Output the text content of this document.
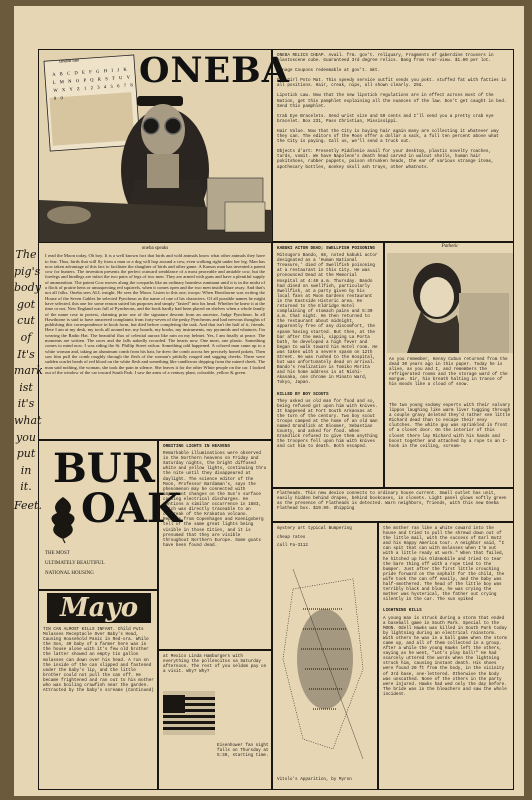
ONEBA
Oneba Sax
A B C D E F G H I J K L M N O P Q R S T U V W X Y Z 1 2 3 4 5 6 7 8 9 0
ONEBA RELICS CHEAP. Avail. frm. gov't. reliquary, Fragments of gaberdine trousers in plastoscene cube. Guaranteed 3rd degree relics. Bang from rear-view. $1.00 per lot.
Nonage Coupons redeemable at gov't. mkt.
Fat Girl Poto Mat. This speedy service outfit sends you pokt. stuffed fat with fatties in all positions. Hair, creak, nips, all shown clearly. 25¢.
Lipstick Law. Now that the new lipstick regulations are in effect across most of the Nation, get this pamphlet explaining all the nuances of the law. Don't get caught in bed. Send this pamphlet.
Crab Eye Bracelets. Send wrist size and 50 cents and I'll send you a pretty crab eye bracelet. Box 231, Pass Christian, Mississippi.
Hair Value. Now that the City is buying hair again many are collecting it whatever way they can. The editors of the Moon offer a dollar a sack, a full ten percent above what the City is paying. Call us, we'll send a truck out.
Objects d'art: Presently Piddlenie avail for your desktop, plastic novelty roaches, turds, vomit. We have Napoleon's death head carved in walnut shells, human hair pokitshoes, rubber puppets, poison shrunken heads, the ear of various strange items, apothecary bottles, monkey skull ash trays, other whatnots.
The
pig's
body
got
cut
of
It's
mark
ist
it's
what
you
put
in
it.
Feet.
oneba speaks
I read the Moon today, Oh boy. It is a well known fact that birds and wild animals know what other animals they have to fear. Thus, birds that will fly from a man or a dog will hop around a cow, even walking right under her leg. Man has now taken advantage of this fact to facilitate the slaughter of birds and other game. A Kansas man has invented a patent cow for hunters. The invention presents the perfect outward semblance of a most peaceable and amiable cow, but the forelegs and hindlegs are infact the two pairs of legs of two men. They are armed with guns and have a plentiful supply of ammunition. The patent Cow moves along the cowpaths like an ordinary harmless ruminant until it is in the midst of a flock of prairie hens or unsuspecting red squirrels, when it comes open and the two men inside blaze away. And that's not all folks. Oneba sees ALL insight. He sees the Moon. Listen to this one, troops: When Hawthorne was writing the House of the Seven Gables he selected Pyncheon as the name of one of his characters. Of all possible names he might have selected, this one for some reason suited his purposes and simply "fasted" into his head. Whether he knew it at the time or not, New England was full of Pyncheons, and the book hardly had been placed on shelves when a whole family of the name rose in protest, claiming prior use of the signature descent from an ancestor, Judge Pyncheon. In all Hawthorne is said to have answered complaints from forty-seven of the pesky Pyncheons and had nervous thoughts of publishing this correspondence in book form, but died before completing the task. And that isn't the half of it, friends. Here I am at my desk, my tools all around me, my boards, my books, my instruments, my pyramids and whatnots. I'm wearing the Radio Hat. The beautiful flux of celestial aurora like rain on my helmet. Yes, I am finally at peace. The moments are written. The races and the falls nakedly recorded. The hearts now. One meat, one plastic. Something comes to mind now. I was riding the St. Phillip Street railcar. Something odd happened. A colored man came up to a white woman and, taking an aluminum comb from his hair, he drew the comb across her precisely honed pokets. Then saw him pull the comb roughly through the flesh of the woman's pitifully rouged and sagging cheeks. There were sudden scarlet beads of red blood on the white flesh and something like candlewax dripping from the ruined cheek. The man said nothing, the woman, she took the pain in silence. She leaves it for the other White people on the car. I looked out of the window of the car toward South Park. I saw the arms of a century plant, colorable, yellow & green.
KABUKI ACTOR DEAD; SWELLFISH POISONING
Mitsugoro Bando, 68, noted kabuki actor designated as a 'Human National Treasure,' died of Swellfish poisoning at a restaurant in this City. He was pronounced Dead at the Memorial Hospital at 4:40 a.m. Thursday. Bando had dined on swellfish, particularly Swellfish, at a party given by his local fans at Moon Gardens restaurant in the Eastside Historic area. He returned to the Eldridge Hotel complaining of stomach pains and 5:30 a.m. that night. He then returned to the restaurant about midnight, apparently free of any discomfort, the spasm having started. But then, at the bar after the meal, sipping La Porta bath, he developed a high fever and began to walk toward his Hotel room. He was taken with a severe spasm on 12th Street. He was rushed to the Hospital, but was unfortunately dead on arrival. Bando's realization is Tomiko Morita and his home address is at Nishi-Akasaka, one chrome in Minato Ward, Tokyo, Japan.
KILLED BY BOY SCOUTS
They asked us old man for food and so, being refused got upon him with knives. It happened at Fort South Arkansas at the turn of the century. Two boy scout troops camped at the home of an old man named Grandlick at Bloomer, Sebastian County, and asked for food. When Grandlick refused to give them anything the troopers fell upon him with knives and cut him to death. Both escaped.
Pathetic
As you remember, Kenny Cubus returned from the dead 30 years ago in this paper. Today he is alive, as you and I, and remembers the refrigerated rooms and the storage ward of the morgue. Sir, his breath halting in trance of his moods like a cloud of snow.
The two young sodomy experts with their salvary lippos laughing like warm liver tugging through a couple gravy deleted they'd rather see little Richard dead than to escape their sexy clutches. The white guy was sprinkled in front of a closet door. On the interior of this closet there lay Richard with his hands and boost together and attached by a rope to an I-hook in the ceiling, scream-
Flatheads. This new device connects to ordinary house current. Small outlet has unit, easily hidden behind drapes, behind bookcases, in closets. Light panel glows softly green as the presence of Flatheads is detected. Warn neighbors, friends, with this new Oneba Flathead box. $19.99. Shipping
BUR
OAK
THE MOST
ULTIMATELY BEAUTIFUL
NATIONAL HOUSING
ORBITING LIGHTS IN HEAVENS
Remarkable illuminations were observed in the Northern heavens on Friday and Saturday nights, the bright diffused white and yellow lights, continuing thru the nite until they disappeared at daylight. The science editor of the Moon, Professor Bardaman's, says the phenomenon may be connected with important changes on the Sun's surface causing electrical discharges. He mentions a similar occurrence in 1883, which was directly traceable to an outbreak of the Krakatoa volcano. Reports from Copenhagen and Koenigsberg tell of the same great lights being visible in those Cities, and it is presumed that they are visible throughout Northern Europe. Some goats have been found dead.
Mayo
TIN CAN ALMOST KILLS INFANT. Child Puts Molasses Receptacle Over Baby's Head, Causing Household Panic in Red-ora. While the Son, 40 baby of a farmer here was in the house alone with it's few old brother the latter showed an empty tin gallon molasses can down over his head. A run on the inside of the can slipped and fastened under the baby's lip, and the little brother could not pull the can off. He became frightened and ran out to his mother who was boiling crawfish near the garden. Attracted by the baby's screams (Continued)
at Mexico Linda Hamburgers with everything the pollencitos sa Saturday afternoon. The rest of you seldom pay on a visit. Why? Why?
Eisenhower fan night falls on Thursday at 5:30, starting time.
mystery art typical Bumpering
cheap rates
call Fa-3112
Vitolo's Apparition, by Myron
the mother ran like a white coward into the house and tried to pull the shrewd down out of the little mail, with the success of Earl Butz and his Happy America tour. A neighbor said, "I can spit that can with molasses when I'm out with a little ready at work." When that failed, he hitched up his Oldsmobile and tried to tear the bare thing off with a rope tied to the bumper. Just after the first little crouching pride forward on the asphalt for the child, the wife took the can off easily, and the baby was half-smothered. The head of the little boy was terribly black and blue, he was crying the mother was hysterical, the father out crying silently in the car. The sun spiked
LIGHTNING KILLS
A young man is struck during a storm that ended a baseball game in South Park. Special to the MOON. Odell Hawks was killed in South Park today by lightning during an electrical rainstorm. With others he was in a ball game when the storm came up, and all of them collected in a group. After a while the young Hawks left the others, saying as he went, "Let's play ball!" He had scarcely uttered the words when the lightning struck him, causing instant death. His shoes were found 20 ft from the body, in the vicinity of 3rd base, one-lettered. Otherwise the body was unscathed. None of the others in the party were injured. Hawks had wed only the day before. The bride was in the bleachers and saw the whole incident.
